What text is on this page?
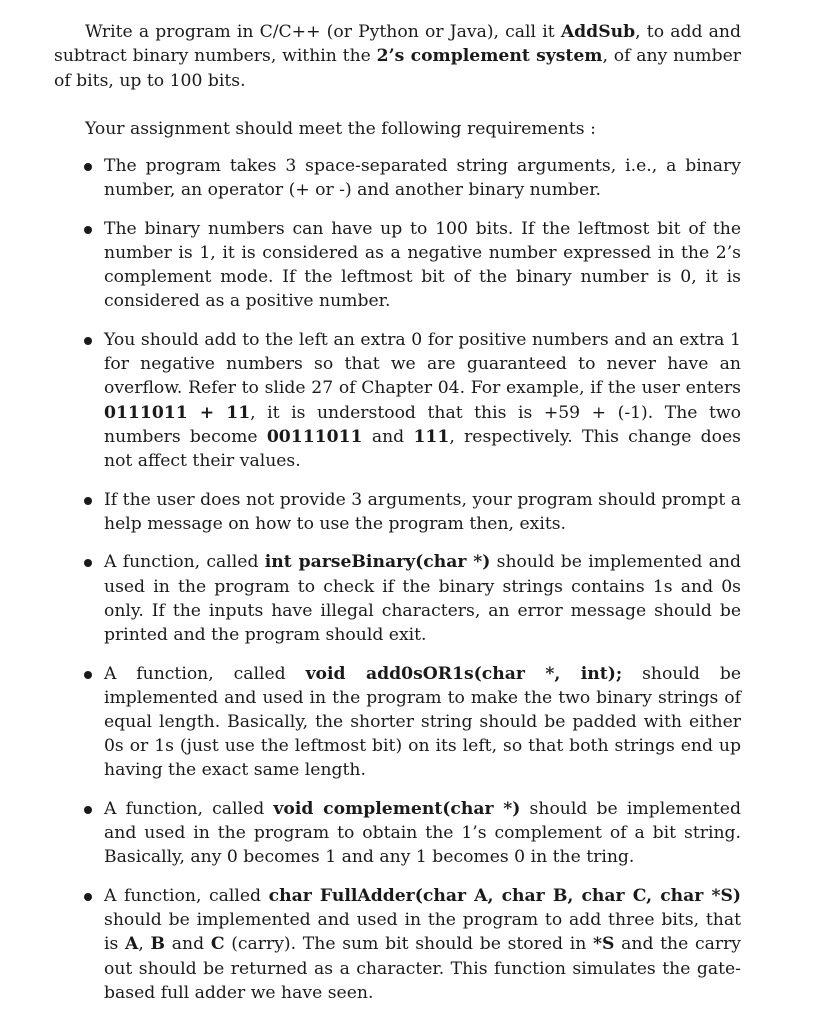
Write a program in C/C++ (or Python or Java), call it AddSub, to add and subtract binary numbers, within the 2’s complement system, of any number of bits, up to 100 bits.

Your assignment should meet the following requirements :

The program takes 3 space-separated string arguments, i.e., a binary number, an operator (+ or -) and another binary number.
The binary numbers can have up to 100 bits. If the leftmost bit of the number is 1, it is considered as a negative number expressed in the 2’s complement mode. If the leftmost bit of the binary number is 0, it is considered as a positive number.
You should add to the left an extra 0 for positive numbers and an extra 1 for negative numbers so that we are guaranteed to never have an overflow. Refer to slide 27 of Chapter 04. For example, if the user enters 0111011 + 11, it is understood that this is +59 + (-1). The two numbers become 00111011 and 111, respectively. This change does not affect their values.
If the user does not provide 3 arguments, your program should prompt a help message on how to use the program then, exits.
A function, called int parseBinary(char *) should be implemented and used in the program to check if the binary strings contains 1s and 0s only. If the inputs have illegal characters, an error message should be printed and the program should exit.
A function, called void add0sOR1s(char *, int); should be implemented and used in the program to make the two binary strings of equal length. Basically, the shorter string should be padded with either 0s or 1s (just use the leftmost bit) on its left, so that both strings end up having the exact same length.
A function, called void complement(char *) should be implemented and used in the program to obtain the 1’s complement of a bit string. Basically, any 0 becomes 1 and any 1 becomes 0 in the tring.
A function, called char FullAdder(char A, char B, char C, char *S) should be implemented and used in the program to add three bits, that is A, B and C (carry). The sum bit should be stored in *S and the carry out should be returned as a character. This function simulates the gate-based full adder we have seen.
